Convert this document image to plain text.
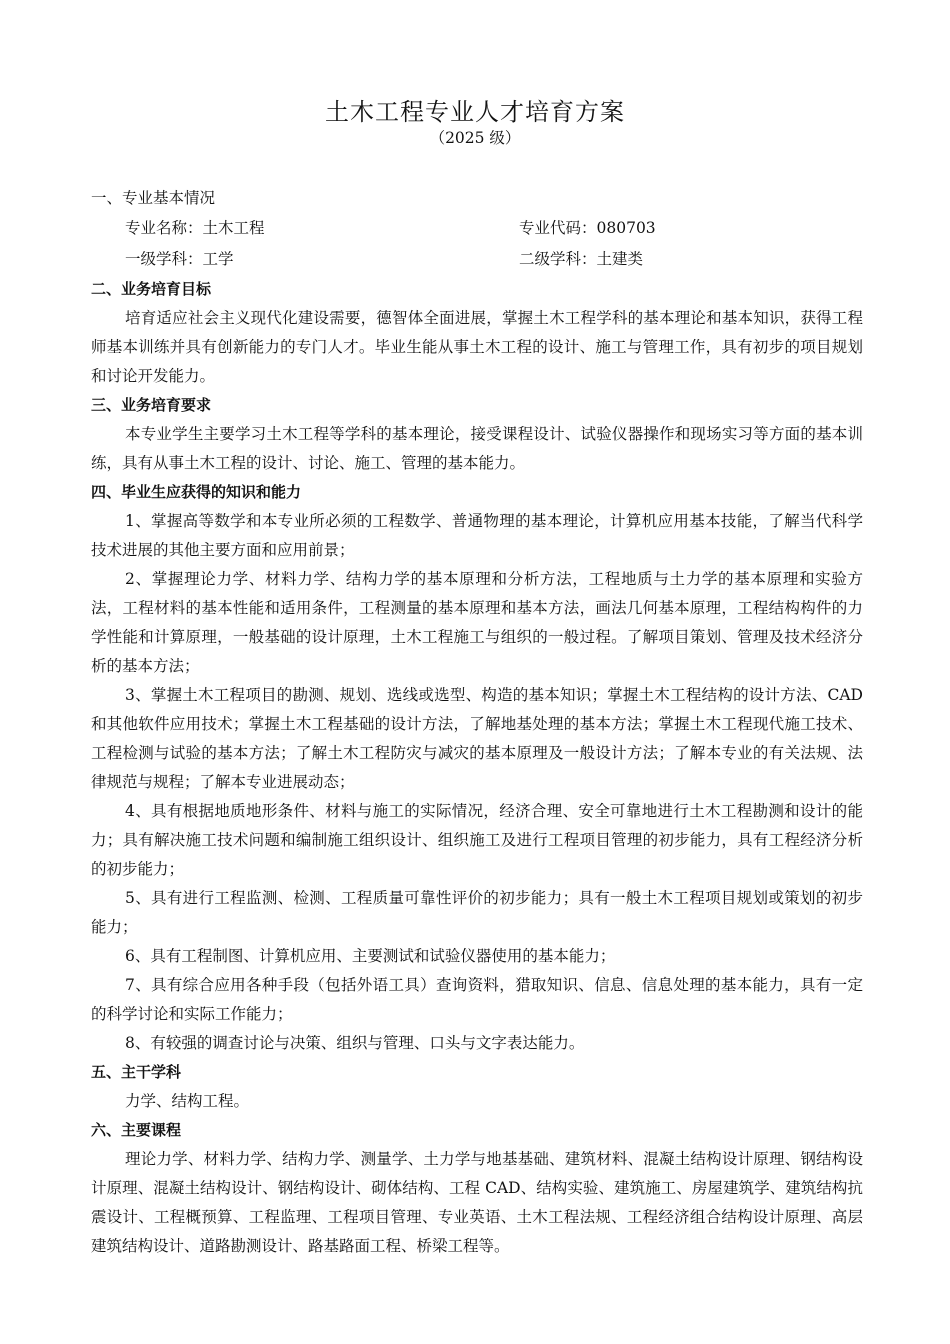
土木工程专业人才培育方案
（2025 级）
一、专业基本情况
专业名称：土木工程	专业代码：080703
一级学科：工学	二级学科：土建类
二、业务培育目标

培育适应社会主义现代化建设需要，德智体全面进展，掌握土木工程学科的基本理论和基本知识，获得工程师基本训练并具有创新能力的专门人才。毕业生能从事土木工程的设计、施工与管理工作，具有初步的项目规划和讨论开发能力。

三、业务培育要求

本专业学生主要学习土木工程等学科的基本理论，接受课程设计、试验仪器操作和现场实习等方面的基本训练，具有从事土木工程的设计、讨论、施工、管理的基本能力。

四、毕业生应获得的知识和能力

1、掌握高等数学和本专业所必须的工程数学、普通物理的基本理论，计算机应用基本技能，了解当代科学技术进展的其他主要方面和应用前景；

2、掌握理论力学、材料力学、结构力学的基本原理和分析方法，工程地质与土力学的基本原理和实验方法，工程材料的基本性能和适用条件，工程测量的基本原理和基本方法，画法几何基本原理，工程结构构件的力学性能和计算原理，一般基础的设计原理，土木工程施工与组织的一般过程。了解项目策划、管理及技术经济分析的基本方法；

3、掌握土木工程项目的勘测、规划、选线或选型、构造的基本知识；掌握土木工程结构的设计方法、CAD 和其他软件应用技术；掌握土木工程基础的设计方法，了解地基处理的基本方法；掌握土木工程现代施工技术、工程检测与试验的基本方法；了解土木工程防灾与减灾的基本原理及一般设计方法；了解本专业的有关法规、法律规范与规程；了解本专业进展动态；

4、具有根据地质地形条件、材料与施工的实际情况，经济合理、安全可靠地进行土木工程勘测和设计的能力；具有解决施工技术问题和编制施工组织设计、组织施工及进行工程项目管理的初步能力，具有工程经济分析的初步能力；

5、具有进行工程监测、检测、工程质量可靠性评价的初步能力；具有一般土木工程项目规划或策划的初步能力；

6、具有工程制图、计算机应用、主要测试和试验仪器使用的基本能力；

7、具有综合应用各种手段（包括外语工具）查询资料，猎取知识、信息、信息处理的基本能力，具有一定的科学讨论和实际工作能力；

8、有较强的调查讨论与决策、组织与管理、口头与文字表达能力。

五、主干学科

力学、结构工程。

六、主要课程

理论力学、材料力学、结构力学、测量学、土力学与地基基础、建筑材料、混凝土结构设计原理、钢结构设计原理、混凝土结构设计、钢结构设计、砌体结构、工程 CAD、结构实验、建筑施工、房屋建筑学、建筑结构抗震设计、工程概预算、工程监理、工程项目管理、专业英语、土木工程法规、工程经济组合结构设计原理、高层建筑结构设计、道路勘测设计、路基路面工程、桥梁工程等。
